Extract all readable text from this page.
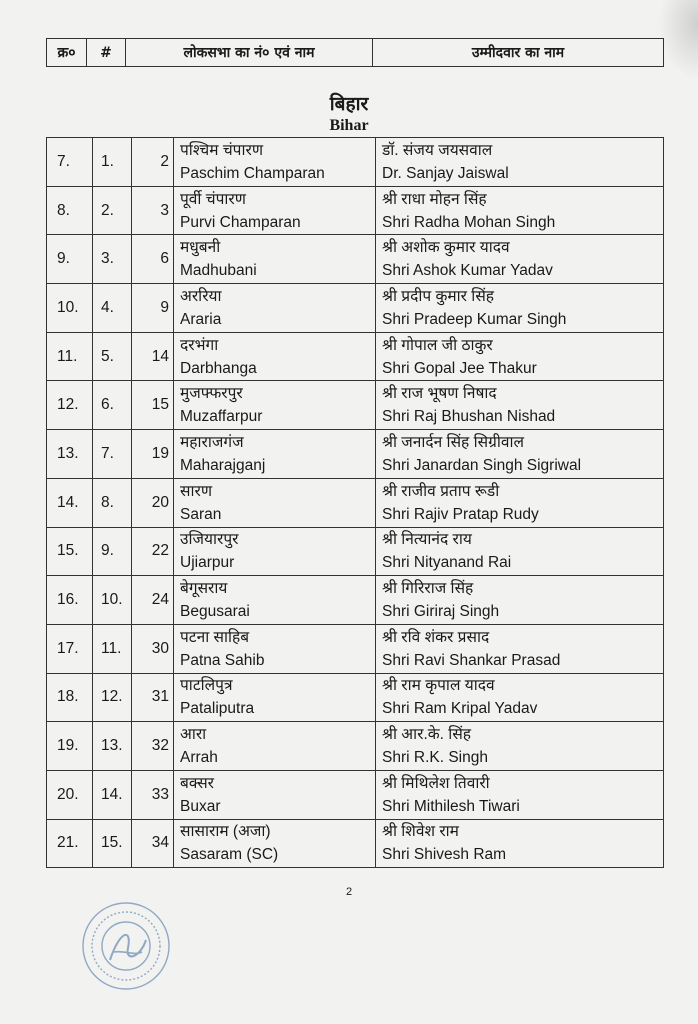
क्र०	#	लोकसभा का नं० एवं नाम	उम्मीदवार का नाम
बिहार
Bihar
7.	1.	2	पश्चिम चंपारण
Paschim Champaran	डॉ. संजय जयसवाल
Dr. Sanjay Jaiswal

8.	2.	3	पूर्वी चंपारण
Purvi Champaran	श्री राधा मोहन सिंह
Shri Radha Mohan Singh

9.	3.	6	मधुबनी
Madhubani	श्री अशोक कुमार यादव
Shri Ashok Kumar Yadav

10.	4.	9	अररिया
Araria	श्री प्रदीप कुमार सिंह
Shri Pradeep Kumar Singh

11.	5.	14	दरभंगा
Darbhanga	श्री गोपाल जी ठाकुर
Shri Gopal Jee Thakur

12.	6.	15	मुजफ्फरपुर
Muzaffarpur	श्री राज भूषण निषाद
Shri Raj Bhushan Nishad

13.	7.	19	महाराजगंज
Maharajganj	श्री जनार्दन सिंह सिग्रीवाल
Shri Janardan Singh Sigriwal

14.	8.	20	सारण
Saran	श्री राजीव प्रताप रूडी
Shri Rajiv Pratap Rudy

15.	9.	22	उजियारपुर
Ujiarpur	श्री नित्यानंद राय
Shri Nityanand Rai

16.	10.	24	बेगूसराय
Begusarai	श्री गिरिराज सिंह
Shri Giriraj Singh

17.	11.	30	पटना साहिब
Patna Sahib	श्री रवि शंकर प्रसाद
Shri Ravi Shankar Prasad

18.	12.	31	पाटलिपुत्र
Pataliputra	श्री राम कृपाल यादव
Shri Ram Kripal Yadav

19.	13.	32	आरा
Arrah	श्री आर.के. सिंह
Shri R.K. Singh

20.	14.	33	बक्सर
Buxar	श्री मिथिलेश तिवारी
Shri Mithilesh Tiwari

21.	15.	34	सासाराम (अजा)
Sasaram (SC)	श्री शिवेश राम
Shri Shivesh Ram
2
